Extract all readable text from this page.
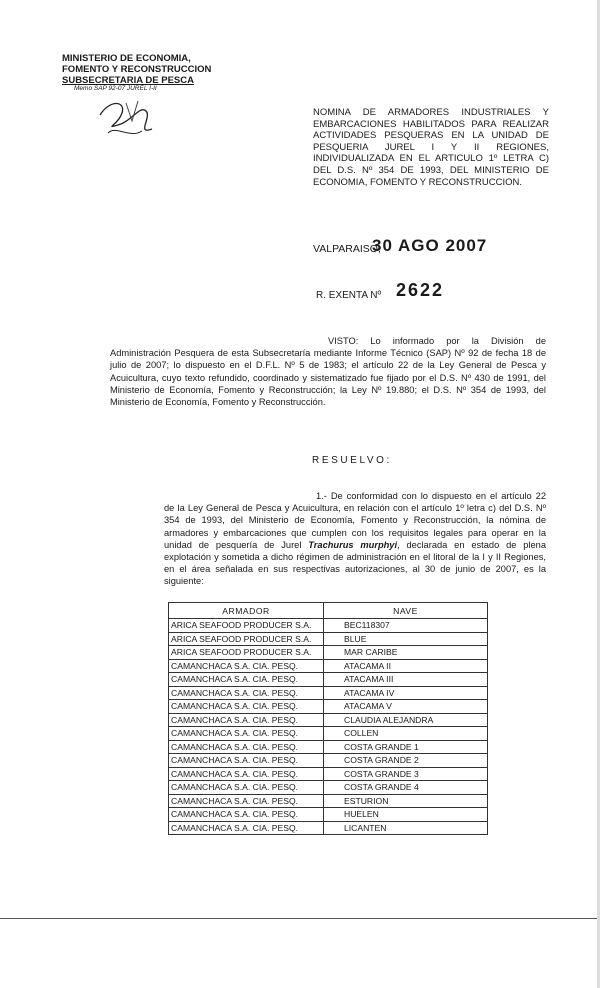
MINISTERIO DE ECONOMIA,
FOMENTO Y RECONSTRUCCION
SUBSECRETARIA DE PESCA
Memo SAP 92-07 JUREL I-II
NOMINA DE ARMADORES INDUSTRIALES Y EMBARCACIONES HABILITADOS PARA REALIZAR ACTIVIDADES PESQUERAS EN LA UNIDAD DE PESQUERIA JUREL I Y II REGIONES, INDIVIDUALIZADA EN EL ARTICULO 1º LETRA C) DEL D.S. Nº 354 DE 1993, DEL MINISTERIO DE ECONOMIA, FOMENTO Y RECONSTRUCCION.
VALPARAISO,
30 AGO 2007
R. EXENTA Nº 2622
VISTO: Lo informado por la División de Administración Pesquera de esta Subsecretaría mediante Informe Técnico (SAP) Nº 92 de fecha 18 de julio de 2007; lo dispuesto en el D.F.L. Nº 5 de 1983; el artículo 22 de la Ley General de Pesca y Acuicultura, cuyo texto refundido, coordinado y sistematizado fue fijado por el D.S. Nº 430 de 1991, del Ministerio de Economía, Fomento y Reconstrucción; la Ley Nº 19.880; el D.S. Nº 354 de 1993, del Ministerio de Economía, Fomento y Reconstrucción.
RESUELVO:
1.- De conformidad con lo dispuesto en el artículo 22 de la Ley General de Pesca y Acuicultura, en relación con el artículo 1º letra c) del D.S. Nº 354 de 1993, del Ministerio de Economía, Fomento y Reconstrucción, la nómina de armadores y embarcaciones que cumplen con los requisitos legales para operar en la unidad de pesquería de Jurel Trachurus murphyi, declarada en estado de plena explotación y sometida a dicho régimen de administración en el litoral de la I y II Regiones, en el área señalada en sus respectivas autorizaciones, al 30 de junio de 2007, es la siguiente:
ARMADOR	NAVE
ARICA SEAFOOD PRODUCER S.A.	BEC118307
ARICA SEAFOOD PRODUCER S.A.	BLUE
ARICA SEAFOOD PRODUCER S.A.	MAR CARIBE
CAMANCHACA S.A. CIA. PESQ.	ATACAMA II
CAMANCHACA S.A. CIA. PESQ.	ATACAMA III
CAMANCHACA S.A. CIA. PESQ.	ATACAMA IV
CAMANCHACA S.A. CIA. PESQ.	ATACAMA V
CAMANCHACA S.A. CIA. PESQ.	CLAUDIA ALEJANDRA
CAMANCHACA S.A. CIA. PESQ.	COLLEN
CAMANCHACA S.A. CIA. PESQ.	COSTA GRANDE 1
CAMANCHACA S.A. CIA. PESQ.	COSTA GRANDE 2
CAMANCHACA S.A. CIA. PESQ.	COSTA GRANDE 3
CAMANCHACA S.A. CIA. PESQ.	COSTA GRANDE 4
CAMANCHACA S.A. CIA. PESQ.	ESTURION
CAMANCHACA S.A. CIA. PESQ.	HUELEN
CAMANCHACA S.A. CIA. PESQ.	LICANTEN
